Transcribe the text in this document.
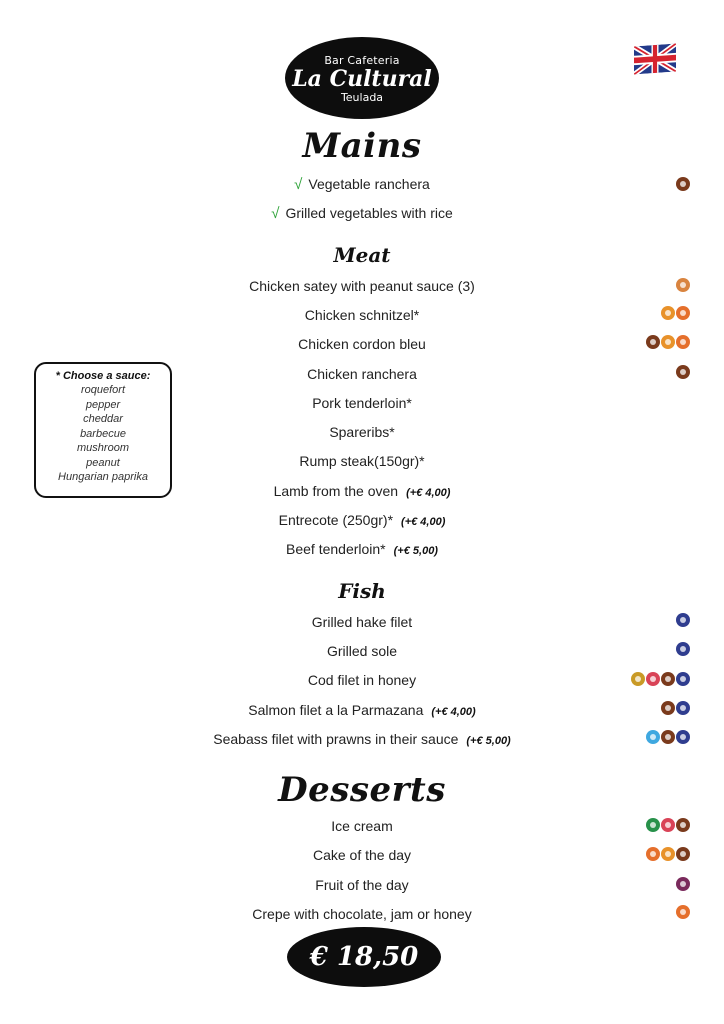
Bar Cafeteria
La Cultural
Teulada
Mains
√ Vegetable ranchera
√ Grilled vegetables with rice
Meat
Chicken satey with peanut sauce (3)
Chicken schnitzel*
Chicken cordon bleu
Chicken ranchera
Pork tenderloin*
Spareribs*
Rump steak(150gr)*
Lamb from the oven (+€ 4,00)
Entrecote (250gr)* (+€ 4,00)
Beef tenderloin* (+€ 5,00)
* Choose a sauce:
roquefort
pepper
cheddar
barbecue
mushroom
peanut
Hungarian paprika
Fish
Grilled hake filet
Grilled sole
Cod filet in honey
Salmon filet a la Parmazana (+€ 4,00)
Seabass filet with prawns in their sauce (+€ 5,00)
Desserts
Ice cream
Cake of the day
Fruit of the day
Crepe with chocolate, jam or honey
€ 18,50
